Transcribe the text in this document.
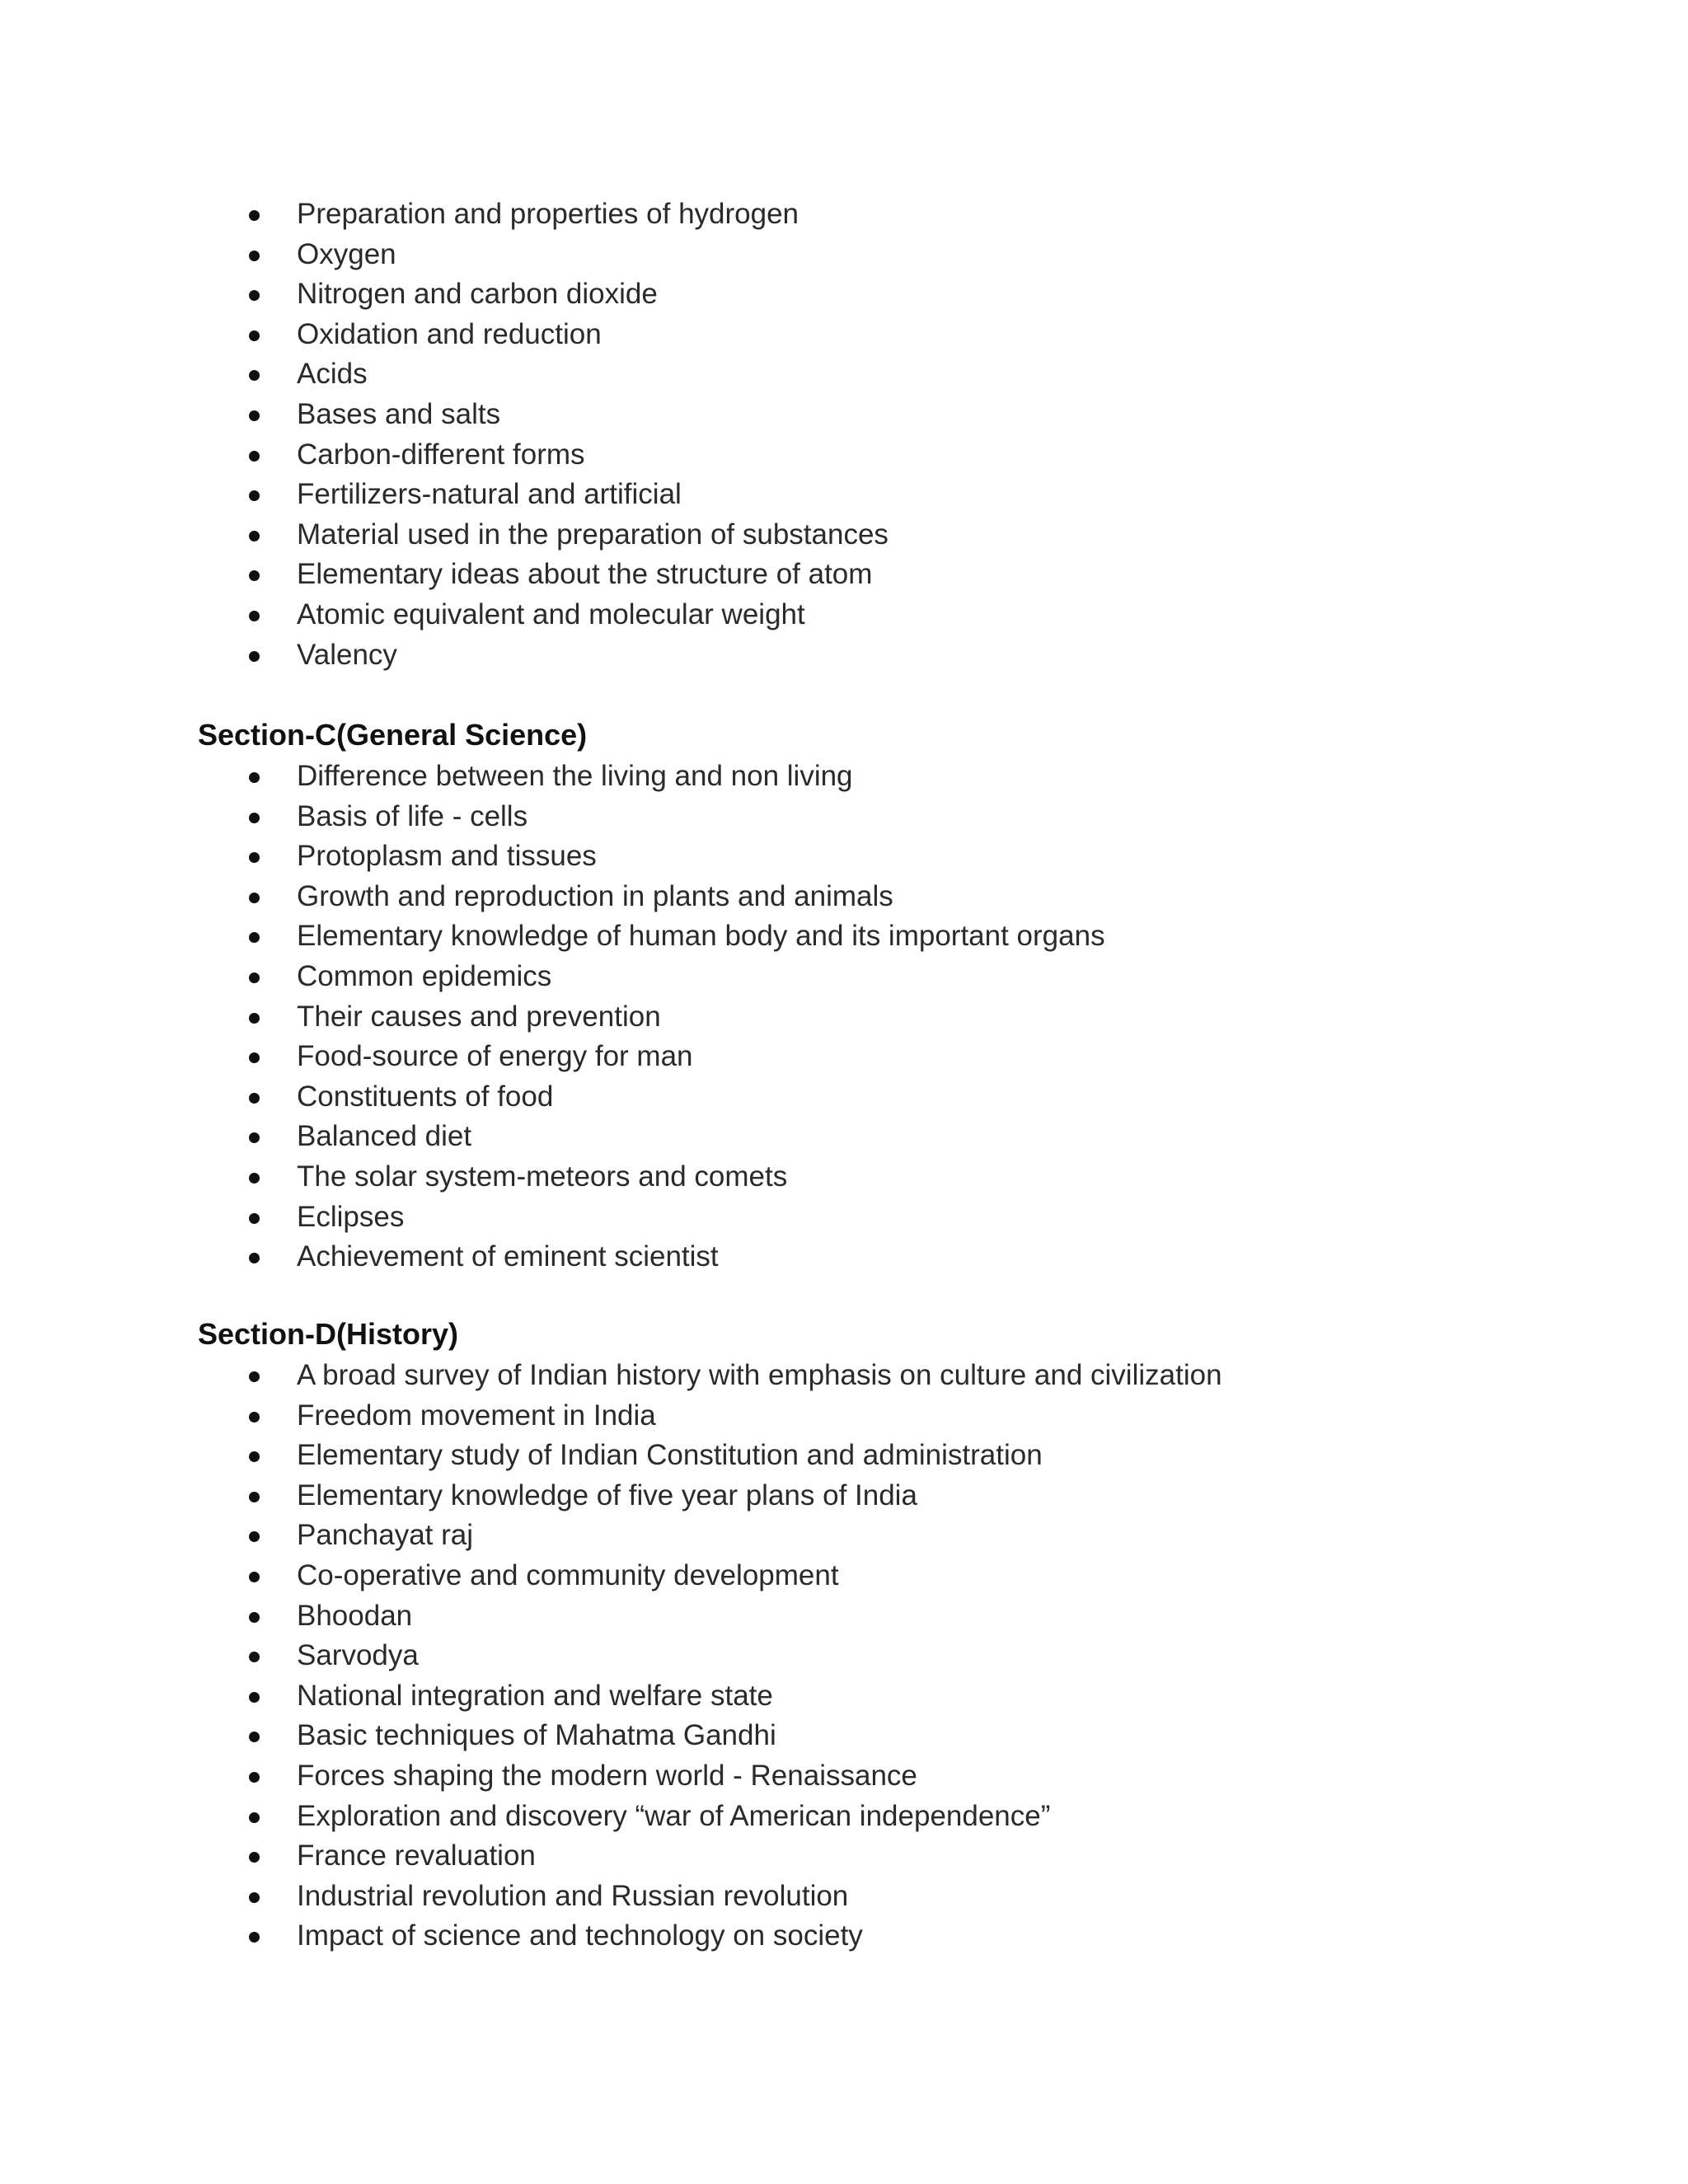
Preparation and properties of hydrogen
Oxygen
Nitrogen and carbon dioxide
Oxidation and reduction
Acids
Bases and salts
Carbon-different forms
Fertilizers-natural and artificial
Material used in the preparation of substances
Elementary ideas about the structure of atom
Atomic equivalent and molecular weight
Valency
Section-C(General Science)
Difference between the living and non living
Basis of life - cells
Protoplasm and tissues
Growth and reproduction in plants and animals
Elementary knowledge of human body and its important organs
Common epidemics
Their causes and prevention
Food-source of energy for man
Constituents of food
Balanced diet
The solar system-meteors and comets
Eclipses
Achievement of eminent scientist
Section-D(History)
A broad survey of Indian history with emphasis on culture and civilization
Freedom movement in India
Elementary study of Indian Constitution and administration
Elementary knowledge of five year plans of India
Panchayat raj
Co-operative and community development
Bhoodan
Sarvodya
National integration and welfare state
Basic techniques of Mahatma Gandhi
Forces shaping the modern world - Renaissance
Exploration and discovery “war of American independence”
France revaluation
Industrial revolution and Russian revolution
Impact of science and technology on society
